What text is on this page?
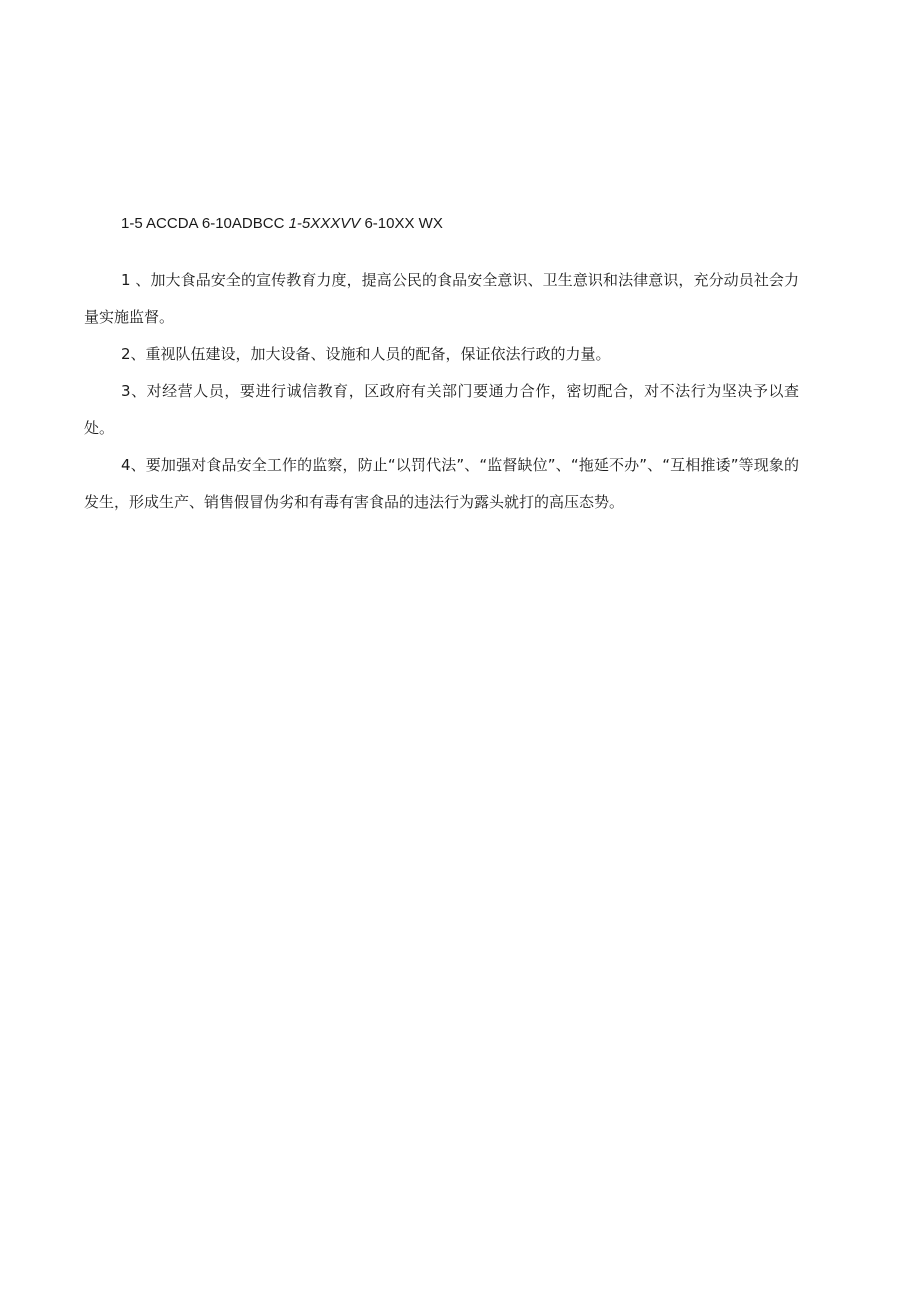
1-5 ACCDA 6-10ADBCC 1-5XXXVV 6-10XX WX

1 、加大食品安全的宣传教育力度，提高公民的食品安全意识、卫生意识和法律意识，充分动员社会力量实施监督。

2、重视队伍建设，加大设备、设施和人员的配备，保证依法行政的力量。

3、对经营人员，要进行诚信教育，区政府有关部门要通力合作，密切配合，对不法行为坚决予以查处。

4、要加强对食品安全工作的监察，防止“以罚代法”、“监督缺位”、“拖延不办”、“互相推诿”等现象的发生，形成生产、销售假冒伪劣和有毒有害食品的违法行为露头就打的高压态势。
